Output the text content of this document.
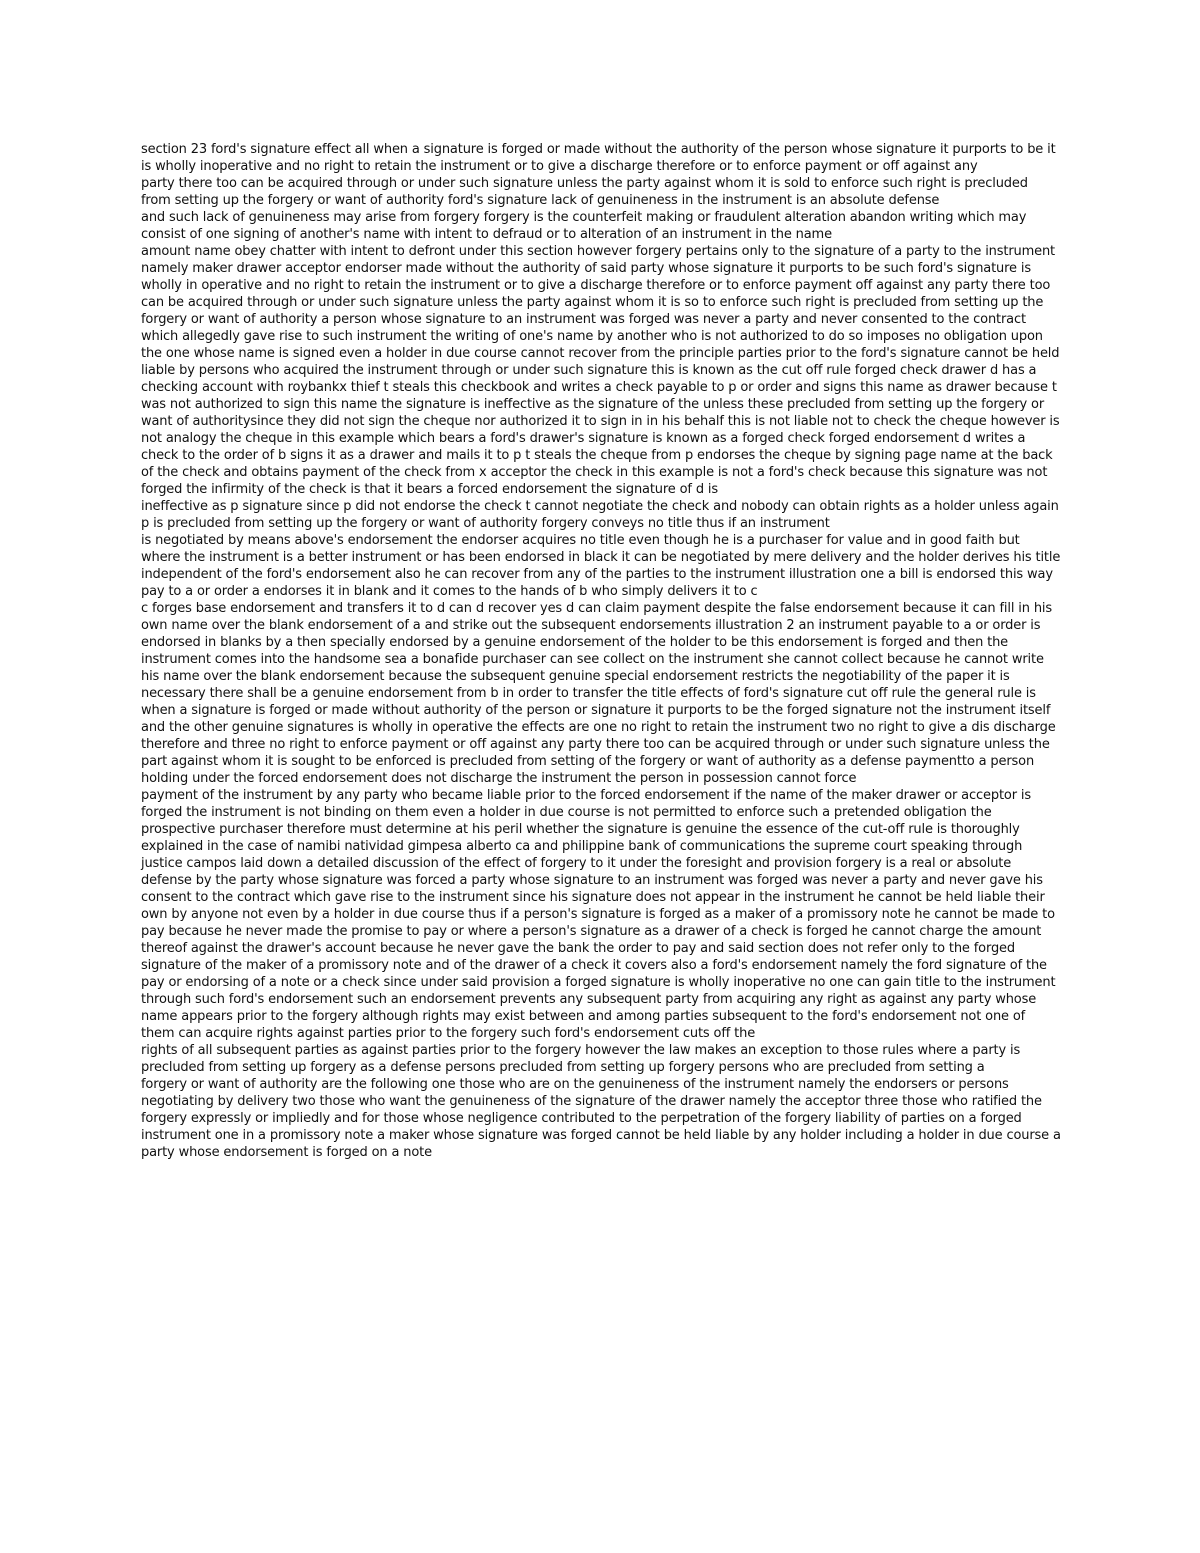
section 23 ford's signature effect all when a signature is forged or made without the authority of the person whose signature it purports to be it is wholly inoperative and no right to retain the instrument or to give a discharge therefore or to enforce payment or off against any

party there too can be acquired through or under such signature unless the party against whom it is sold to enforce such right is precluded from setting up the forgery or want of authority ford's signature lack of genuineness in the instrument is an absolute defense

and such lack of genuineness may arise from forgery forgery is the counterfeit making or fraudulent alteration abandon writing which may consist of one signing of another's name with intent to defraud or to alteration of an instrument in the name

amount name obey chatter with intent to defront under this section however forgery pertains only to the signature of a party to the instrument namely maker drawer acceptor endorser made without the authority of said party whose signature it purports to be such ford's signature is wholly in operative and no right to retain the instrument or to give a discharge therefore or to enforce payment off against any party there too can be acquired through or under such signature unless the party against whom it is so to enforce such right is precluded from setting up the forgery or want of authority a person whose signature to an instrument was forged was never a party and never consented to the contract which allegedly gave rise to such instrument the writing of one's name by another who is not authorized to do so imposes no obligation upon the one whose name is signed even a holder in due course cannot recover from the principle parties prior to the ford's signature cannot be held liable by persons who acquired the instrument through or under such signature this is known as the cut off rule forged check drawer d has a checking account with roybankx thief t steals this checkbook and writes a check payable to p or order and signs this name as drawer because t was not authorized to sign this name the signature is ineffective as the signature of the unless these precluded from setting up the forgery or want of authoritysince they did not sign the cheque nor authorized it to sign in in his behalf this is not liable not to check the cheque however is not analogy the cheque in this example which bears a ford's drawer's signature is known as a forged check forged endorsement d writes a check to the order of b signs it as a drawer and mails it to p t steals the cheque from p endorses the cheque by signing page name at the back of the check and obtains payment of the check from x acceptor the check in this example is not a ford's check because this signature was not forged the infirmity of the check is that it bears a forced endorsement the signature of d is

ineffective as p signature since p did not endorse the check t cannot negotiate the check and nobody can obtain rights as a holder unless again p is precluded from setting up the forgery or want of authority forgery conveys no title thus if an instrument

is negotiated by means above's endorsement the endorser acquires no title even though he is a purchaser for value and in good faith but where the instrument is a better instrument or has been endorsed in black it can be negotiated by mere delivery and the holder derives his title independent of the ford's endorsement also he can recover from any of the parties to the instrument illustration one a bill is endorsed this way pay to a or order a endorses it in blank and it comes to the hands of b who simply delivers it to c

c forges base endorsement and transfers it to d can d recover yes d can claim payment despite the false endorsement because it can fill in his own name over the blank endorsement of a and strike out the subsequent endorsements illustration 2 an instrument payable to a or order is endorsed in blanks by a then specially endorsed by a genuine endorsement of the holder to be this endorsement is forged and then the instrument comes into the handsome sea a bonafide purchaser can see collect on the instrument she cannot collect because he cannot write his name over the blank endorsement because the subsequent genuine special endorsement restricts the negotiability of the paper it is necessary there shall be a genuine endorsement from b in order to transfer the title effects of ford's signature cut off rule the general rule is when a signature is forged or made without authority of the person or signature it purports to be the forged signature not the instrument itself and the other genuine signatures is wholly in operative the effects are one no right to retain the instrument two no right to give a dis discharge therefore and three no right to enforce payment or off against any party there too can be acquired through or under such signature unless the part against whom it is sought to be enforced is precluded from setting of the forgery or want of authority as a defense paymentto a person holding under the forced endorsement does not discharge the instrument the person in possession cannot force

payment of the instrument by any party who became liable prior to the forced endorsement if the name of the maker drawer or acceptor is forged the instrument is not binding on them even a holder in due course is not permitted to enforce such a pretended obligation the prospective purchaser therefore must determine at his peril whether the signature is genuine the essence of the cut-off rule is thoroughly explained in the case of namibi natividad gimpesa alberto ca and philippine bank of communications the supreme court speaking through justice campos laid down a detailed discussion of the effect of forgery to it under the foresight and provision forgery is a real or absolute defense by the party whose signature was forced a party whose signature to an instrument was forged was never a party and never gave his consent to the contract which gave rise to the instrument since his signature does not appear in the instrument he cannot be held liable their own by anyone not even by a holder in due course thus if a person's signature is forged as a maker of a promissory note he cannot be made to pay because he never made the promise to pay or where a person's signature as a drawer of a check is forged he cannot charge the amount thereof against the drawer's account because he never gave the bank the order to pay and said section does not refer only to the forged signature of the maker of a promissory note and of the drawer of a check it covers also a ford's endorsement namely the ford signature of the pay or endorsing of a note or a check since under said provision a forged signature is wholly inoperative no one can gain title to the instrument through such ford's endorsement such an endorsement prevents any subsequent party from acquiring any right as against any party whose name appears prior to the forgery although rights may exist between and among parties subsequent to the ford's endorsement not one of them can acquire rights against parties prior to the forgery such ford's endorsement cuts off the

rights of all subsequent parties as against parties prior to the forgery however the law makes an exception to those rules where a party is precluded from setting up forgery as a defense persons precluded from setting up forgery persons who are precluded from setting a

forgery or want of authority are the following one those who are on the genuineness of the instrument namely the endorsers or persons negotiating by delivery two those who want the genuineness of the signature of the drawer namely the acceptor three those who ratified the forgery expressly or impliedly and for those whose negligence contributed to the perpetration of the forgery liability of parties on a forged instrument one in a promissory note a maker whose signature was forged cannot be held liable by any holder including a holder in due course a party whose endorsement is forged on a note
